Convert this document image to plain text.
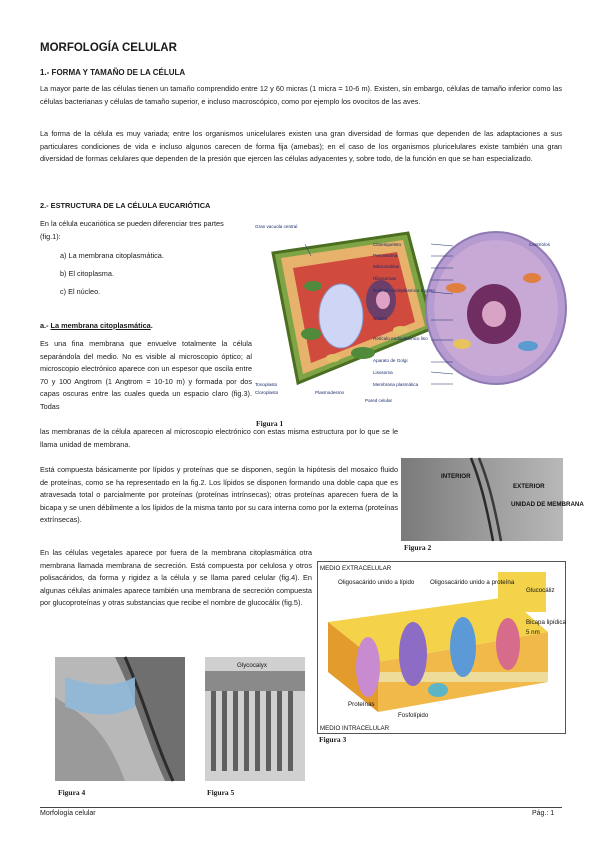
MORFOLOGÍA CELULAR
1.- FORMA Y TAMAÑO DE LA CÉLULA
La mayor parte de las células tienen un tamaño comprendido entre 12 y 60 micras (1 micra = 10-6 m). Existen, sin embargo, células de tamaño inferior como las células bacterianas y células de tamaño superior, e incluso macroscópico, como por ejemplo los ovocitos de las aves.
La forma de la célula es muy variada; entre los organismos unicelulares existen una gran diversidad de formas que dependen de las adaptaciones a sus particulares condiciones de vida e incluso algunos carecen de forma fija (amebas); en el caso de los organismos pluricelulares existe también una gran diversidad de formas celulares que dependen de la presión que ejercen las células adyacentes y, sobre todo, de la función en que se han especializado.
2.- ESTRUCTURA DE LA CÉLULA EUCARIÓTICA
En la célula eucariótica se pueden diferenciar tres partes (fig.1):
a) La membrana citoplasmática.
b) El citoplasma.
c) El núcleo.
a.- La membrana citoplasmática.
Es una fina membrana que envuelve totalmente la célula separándola del medio. No es visible al microscopio óptico; al microscopio electrónico aparece con un espesor que oscila entre 70 y 100 Angtrom (1 Angtrom = 10-10 m) y formada por dos capas oscuras entre las cuales queda un espacio claro (fig.3). Todas
las membranas de la célula aparecen al microscopio electrónico con estas misma estructura por lo que se le llama unidad de membrana.
Está compuesta básicamente por lípidos y proteínas que se disponen, según la hipótesis del mosaico fluido de proteínas, como se ha representado en la fig.2. Los lípidos se disponen formando una doble capa que es atravesada total o parcialmente por proteínas (proteínas intrínsecas); otras proteínas aparecen fuera de la bicapa y se unen débilmente a los lípidos de la misma tanto por su cara interna como por la externa (proteínas extrínsecas).
En las células vegetales aparece por fuera de la membrana citoplasmática otra membrana llamada membrana de secreción. Está compuesta por celulosa y otros polisacáridos, da forma y rigidez a la célula y se llama pared celular (fig.4). En algunas células animales aparece también una membrana de secreción compuesta por glucoproteínas y otras substancias que recibe el nombre de glucocálix (fig.5).
Gran vacuola central
Tonoplasto
Cloroplasto	Plasmodesmo
Pared celular
Citoesqueleto
Peroxisoma
Mitocondrias
Ribosomas
Retículo endoplásmico rugoso
Núcleo
Retículo endoplásmico liso
Aparato de Golgi
Lisosoma
Membrana plasmática
Centríolos
Figura 1
INTERIOR
EXTERIOR
UNIDAD DE MEMBRANA
Figura 2
MEDIO EXTRACELULAR
MEDIO INTRACELULAR
Oligosacárido unido a lípido	Oligosacárido unido a proteína
Glucocáliz
Bicapa lipídica
5 nm
Proteínas
Fosfolípido
Figura 3
Figura 4
Glycocalyx
Figura 5
Morfología celular	Pág.: 1
